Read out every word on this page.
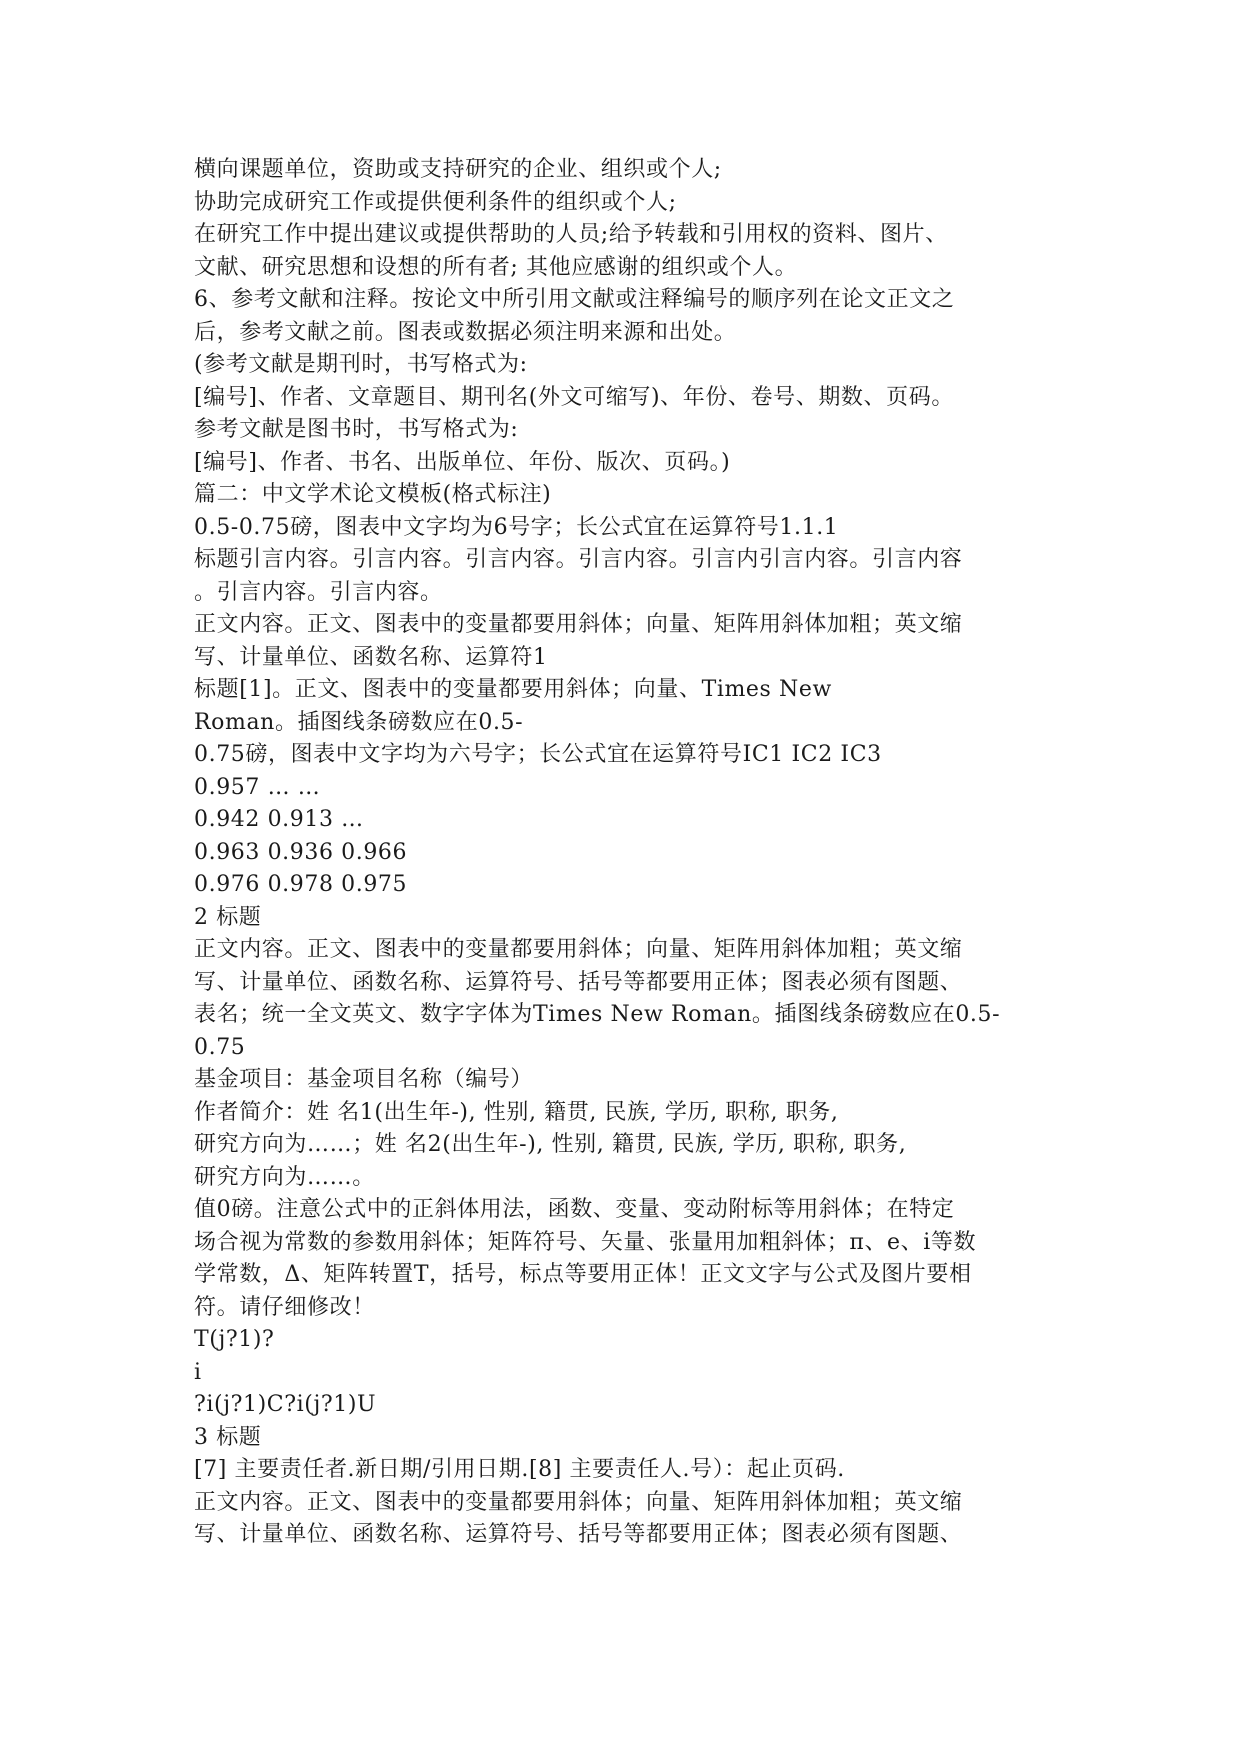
横向课题单位，资助或支持研究的企业、组织或个人;
协助完成研究工作或提供便利条件的组织或个人;
在研究工作中提出建议或提供帮助的人员;给予转载和引用权的资料、图片、
文献、研究思想和设想的所有者; 其他应感谢的组织或个人。
6、参考文献和注释。按论文中所引用文献或注释编号的顺序列在论文正文之
后，参考文献之前。图表或数据必须注明来源和出处。
(参考文献是期刊时，书写格式为:
[编号]、作者、文章题目、期刊名(外文可缩写)、年份、卷号、期数、页码。
参考文献是图书时，书写格式为:
[编号]、作者、书名、出版单位、年份、版次、页码。)
篇二：中文学术论文模板(格式标注)
0.5-0.75磅，图表中文字均为6号字；长公式宜在运算符号1.1.1
标题引言内容。引言内容。引言内容。引言内容。引言内引言内容。引言内容
。引言内容。引言内容。
正文内容。正文、图表中的变量都要用斜体；向量、矩阵用斜体加粗；英文缩
写、计量单位、函数名称、运算符1
标题[1]。正文、图表中的变量都要用斜体；向量、Times New
Roman。插图线条磅数应在0.5-
0.75磅，图表中文字均为六号字；长公式宜在运算符号IC1 IC2 IC3
0.957 … …
0.942 0.913 …
0.963 0.936 0.966
0.976 0.978 0.975
2 标题
正文内容。正文、图表中的变量都要用斜体；向量、矩阵用斜体加粗；英文缩
写、计量单位、函数名称、运算符号、括号等都要用正体；图表必须有图题、
表名；统一全文英文、数字字体为Times New Roman。插图线条磅数应在0.5-
0.75
基金项目：基金项目名称（编号）
作者简介：姓 名1(出生年-), 性别, 籍贯, 民族, 学历, 职称, 职务,
研究方向为……；姓 名2(出生年-), 性别, 籍贯, 民族, 学历, 职称, 职务,
研究方向为……。
值0磅。注意公式中的正斜体用法，函数、变量、变动附标等用斜体；在特定
场合视为常数的参数用斜体；矩阵符号、矢量、张量用加粗斜体；π、e、i等数
学常数，Δ、矩阵转置T，括号，标点等要用正体！正文文字与公式及图片要相
符。请仔细修改！
T(j?1)?
i
?i(j?1)C?i(j?1)U
3 标题
[7] 主要责任者.新日期/引用日期.[8] 主要责任人.号）：起止页码.
正文内容。正文、图表中的变量都要用斜体；向量、矩阵用斜体加粗；英文缩
写、计量单位、函数名称、运算符号、括号等都要用正体；图表必须有图题、
